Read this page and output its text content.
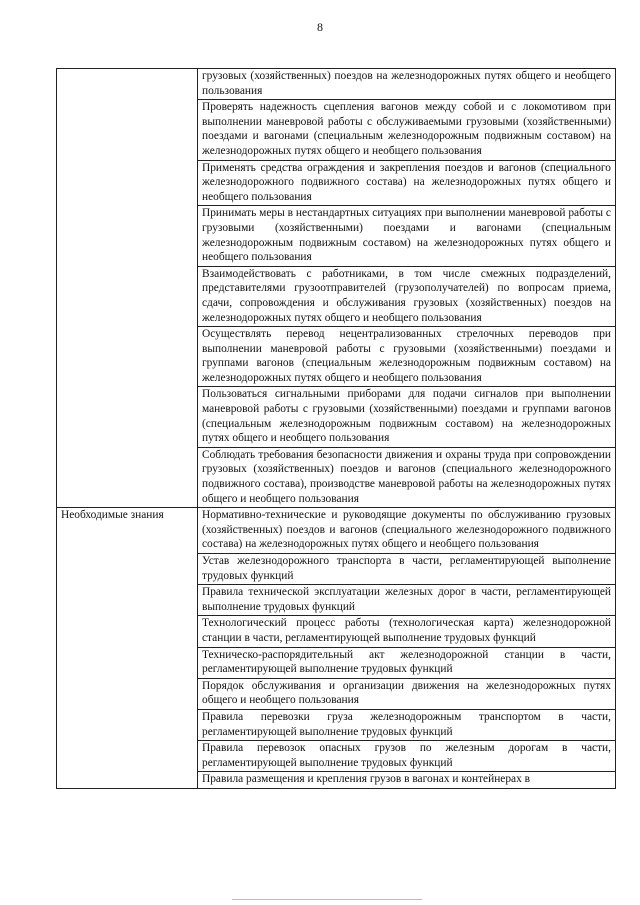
8
	грузовых (хозяйственных) поездов на железнодорожных путях общего и необщего пользования
	Проверять надежность сцепления вагонов между собой и с локомотивом при выполнении маневровой работы с обслуживаемыми грузовыми (хозяйственными) поездами и вагонами (специальным железнодорожным подвижным составом) на железнодорожных путях общего и необщего пользования
	Применять средства ограждения и закрепления поездов и вагонов (специального железнодорожного подвижного состава) на железнодорожных путях общего и необщего пользования
	Принимать меры в нестандартных ситуациях при выполнении маневровой работы с грузовыми (хозяйственными) поездами и вагонами (специальным железнодорожным подвижным составом) на железнодорожных путях общего и необщего пользования
	Взаимодействовать с работниками, в том числе смежных подразделений, представителями грузоотправителей (грузополучателей) по вопросам приема, сдачи, сопровождения и обслуживания грузовых (хозяйственных) поездов на железнодорожных путях общего и необщего пользования
	Осуществлять перевод нецентрализованных стрелочных переводов при выполнении маневровой работы с грузовыми (хозяйственными) поездами и группами вагонов (специальным железнодорожным подвижным составом) на железнодорожных путях общего и необщего пользования
	Пользоваться сигнальными приборами для подачи сигналов при выполнении маневровой работы с грузовыми (хозяйственными) поездами и группами вагонов (специальным железнодорожным подвижным составом) на железнодорожных путях общего и необщего пользования
	Соблюдать требования безопасности движения и охраны труда при сопровождении грузовых (хозяйственных) поездов и вагонов (специального железнодорожного подвижного состава), производстве маневровой работы на железнодорожных путях общего и необщего пользования
Необходимые знания	Нормативно-технические и руководящие документы по обслуживанию грузовых (хозяйственных) поездов и вагонов (специального железнодорожного подвижного состава) на железнодорожных путях общего и необщего пользования
	Устав железнодорожного транспорта в части, регламентирующей выполнение трудовых функций
	Правила технической эксплуатации железных дорог в части, регламентирующей выполнение трудовых функций
	Технологический процесс работы (технологическая карта) железнодорожной станции в части, регламентирующей выполнение трудовых функций
	Техническо-распорядительный акт железнодорожной станции в части, регламентирующей выполнение трудовых функций
	Порядок обслуживания и организации движения на железнодорожных путях общего и необщего пользования
	Правила перевозки груза железнодорожным транспортом в части, регламентирующей выполнение трудовых функций
	Правила перевозок опасных грузов по железным дорогам в части, регламентирующей выполнение трудовых функций
	Правила размещения и крепления грузов в вагонах и контейнерах в
